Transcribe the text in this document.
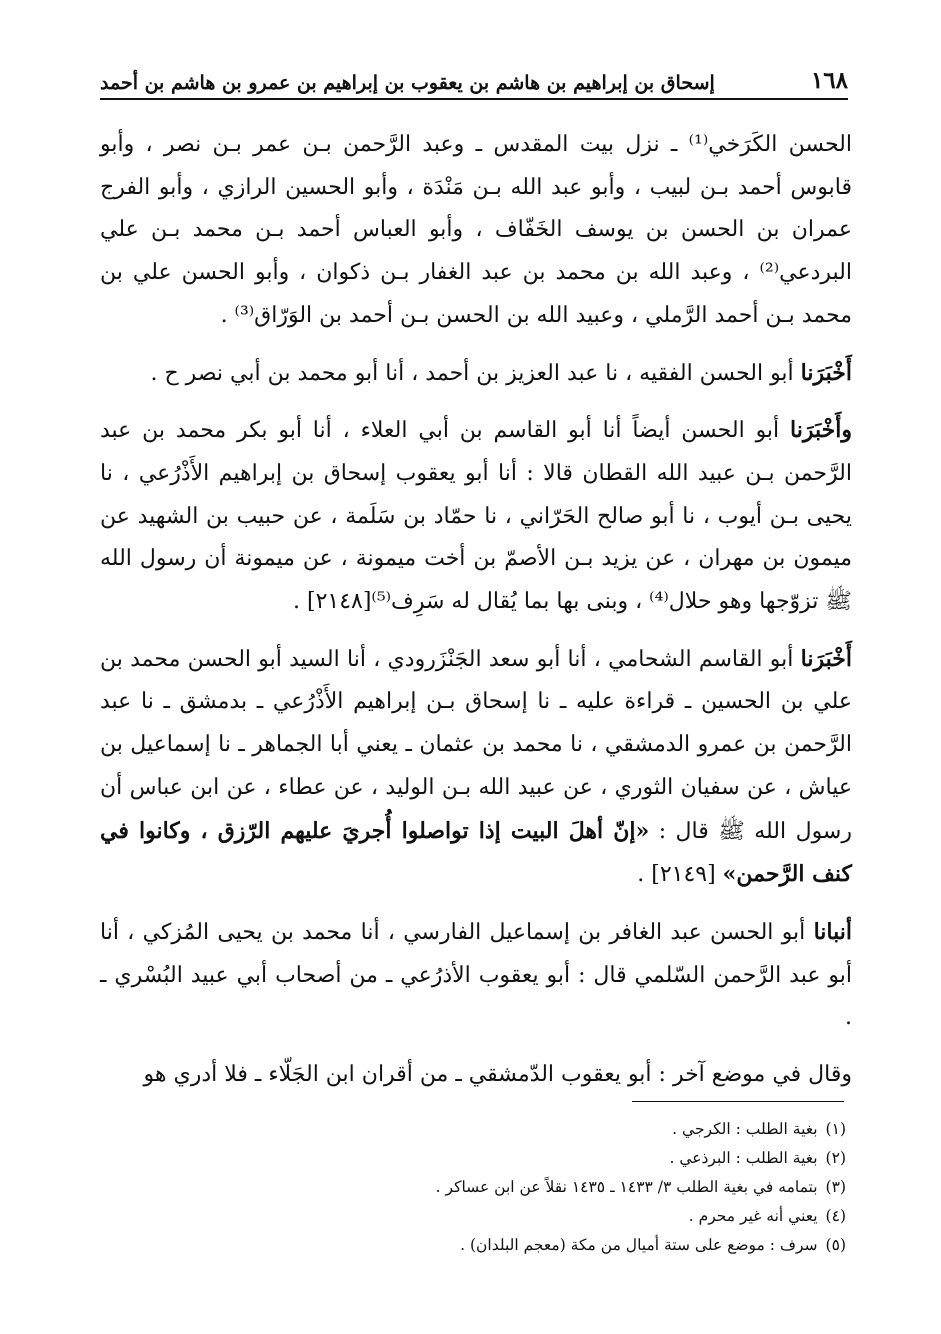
١٦٨
إسحاق بن إبراهيم بن هاشم بن يعقوب بن إبراهيم بن عمرو بن هاشم بن أحمد

الحسن الكَرَخي⁽¹⁾ ـ نزل بيت المقدس ـ وعبد الرَّحمن بـن عمر بـن نصر ، وأبو قابوس أحمد بـن لبيب ، وأبو عبد الله بـن مَنْدَة ، وأبو الحسين الرازي ، وأبو الفرج عمران بن الحسن بن يوسف الخَفّاف ، وأبو العباس أحمد بـن محمد بـن علي البردعي⁽²⁾ ، وعبد الله بن محمد بن عبد الغفار بـن ذكوان ، وأبو الحسن علي بن محمد بـن أحمد الرَّملي ، وعبيد الله بن الحسن بـن أحمد بن الوَرّاق⁽³⁾ .

أَخْبَرَنا أبو الحسن الفقيه ، نا عبد العزيز بن أحمد ، أنا أبو محمد بن أبي نصر ح .

وأَخْبَرَنا أبو الحسن أيضاً أنا أبو القاسم بن أبي العلاء ، أنا أبو بكر محمد بن عبد الرَّحمن بـن عبيد الله القطان قالا : أنا أبو يعقوب إسحاق بن إبراهيم الأَذْرُعي ، نا يحيى بـن أيوب ، نا أبو صالح الحَرّاني ، نا حمّاد بن سَلَمة ، عن حبيب بن الشهيد عن ميمون بن مهران ، عن يزيد بـن الأصمّ بن أخت ميمونة ، عن ميمونة أن رسول الله ﷺ تزوّجها وهو حلال⁽⁴⁾ ، وبنى بها بما يُقال له سَرِف⁽⁵⁾[٢١٤٨] .

أَخْبَرَنا أبو القاسم الشحامي ، أنا أبو سعد الجَنْزَرودي ، أنا السيد أبو الحسن محمد بن علي بن الحسين ـ قراءة عليه ـ نا إسحاق بـن إبراهيم الأَذْرُعي ـ بدمشق ـ نا عبد الرَّحمن بن عمرو الدمشقي ، نا محمد بن عثمان ـ يعني أبا الجماهر ـ نا إسماعيل بن عياش ، عن سفيان الثوري ، عن عبيد الله بـن الوليد ، عن عطاء ، عن ابن عباس أن رسول الله ﷺ قال : «إنّ أهلَ البيت إذا تواصلوا أُجريَ عليهم الرّزق ، وكانوا في كنف الرَّحمن» [٢١٤٩] .

أنبانا أبو الحسن عبد الغافر بن إسماعيل الفارسي ، أنا محمد بن يحيى المُزكي ، أنا أبو عبد الرَّحمن السّلمي قال : أبو يعقوب الأذرُعي ـ من أصحاب أبي عبيد البُسْري ـ .

وقال في موضع آخر : أبو يعقوب الدّمشقي ـ من أقران ابن الجَلّاء ـ فلا أدري هو

(١)بغية الطلب : الكرجي .
(٢)بغية الطلب : البرذعي .
(٣)بتمامه في بغية الطلب ٣/ ١٤٣٣ ـ ١٤٣٥ نقلاً عن ابن عساكر .
(٤)يعني أنه غير محرم .
(٥)سرف : موضع على ستة أميال من مكة (معجم البلدان) .
